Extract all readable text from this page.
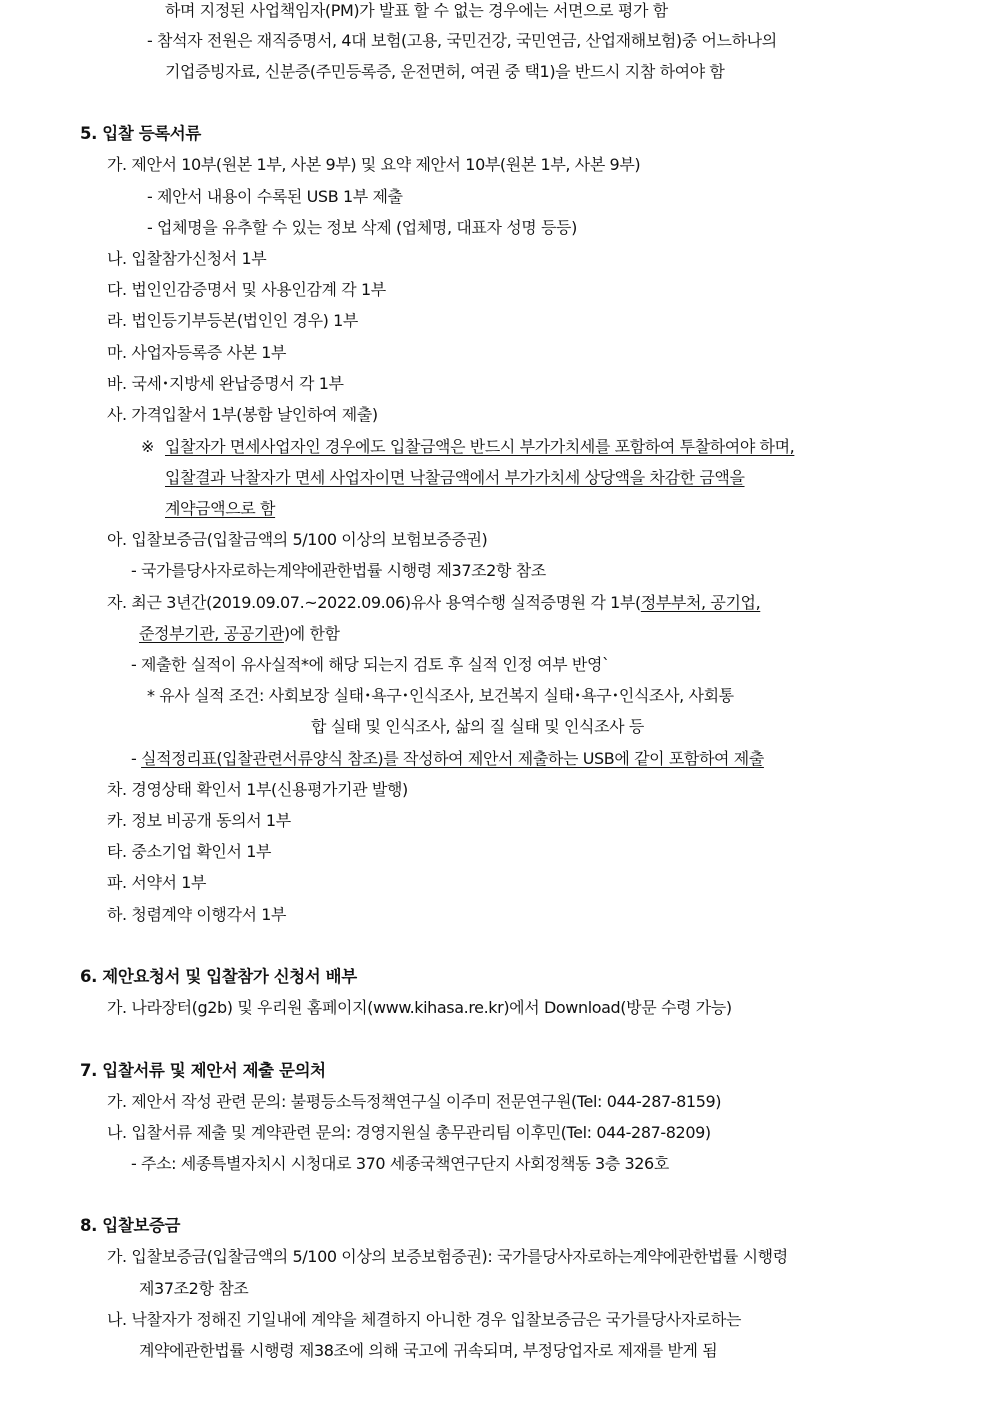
하며 지정된 사업책임자(PM)가 발표 할 수 없는 경우에는 서면으로 평가 함
- 참석자 전원은 재직증명서, 4대 보험(고용, 국민건강, 국민연금, 산업재해보험)중 어느하나의
기업증빙자료, 신분증(주민등록증, 운전면허, 여권 중 택1)을 반드시 지참 하여야 함
5. 입찰 등록서류
가. 제안서 10부(원본 1부, 사본 9부) 및 요약 제안서 10부(원본 1부, 사본 9부)
- 제안서 내용이 수록된 USB 1부 제출
- 업체명을 유추할 수 있는 정보 삭제 (업체명, 대표자 성명 등등)
나. 입찰참가신청서 1부
다. 법인인감증명서 및 사용인감계 각 1부
라. 법인등기부등본(법인인 경우) 1부
마. 사업자등록증 사본 1부
바. 국세･지방세 완납증명서 각 1부
사. 가격입찰서 1부(봉함 날인하여 제출)
※ 입찰자가 면세사업자인 경우에도 입찰금액은 반드시 부가가치세를 포함하여 투찰하여야 하며,
입찰결과 낙찰자가 면세 사업자이면 낙찰금액에서 부가가치세 상당액을 차감한 금액을
계약금액으로 함
아. 입찰보증금(입찰금액의 5/100 이상의 보험보증증권)
- 국가를당사자로하는계약에관한법률 시행령 제37조2항 참조
자. 최근 3년간(2019.09.07.~2022.09.06)유사 용역수행 실적증명원 각 1부(정부부처, 공기업,
준정부기관, 공공기관)에 한함
- 제출한 실적이 유사실적*에 해당 되는지 검토 후 실적 인정 여부 반영`
* 유사 실적 조건: 사회보장 실태･욕구･인식조사, 보건복지 실태･욕구･인식조사, 사회통
합 실태 및 인식조사, 삶의 질 실태 및 인식조사 등
- 실적정리표(입찰관련서류양식 참조)를 작성하여 제안서 제출하는 USB에 같이 포함하여 제출
차. 경영상태 확인서 1부(신용평가기관 발행)
카. 정보 비공개 동의서 1부
타. 중소기업 확인서 1부
파. 서약서 1부
하. 청렴계약 이행각서 1부
6. 제안요청서 및 입찰참가 신청서 배부
가. 나라장터(g2b) 및 우리원 홈페이지(www.kihasa.re.kr)에서 Download(방문 수령 가능)
7. 입찰서류 및 제안서 제출 문의처
가. 제안서 작성 관련 문의: 불평등소득정책연구실 이주미 전문연구원(Tel: 044-287-8159)
나. 입찰서류 제출 및 계약관련 문의: 경영지원실 총무관리팀 이후민(Tel: 044-287-8209)
- 주소: 세종특별자치시 시청대로 370 세종국책연구단지 사회정책동 3층 326호
8. 입찰보증금
가. 입찰보증금(입찰금액의 5/100 이상의 보증보험증권): 국가를당사자로하는계약에관한법률 시행령
제37조2항 참조
나. 낙찰자가 정해진 기일내에 계약을 체결하지 아니한 경우 입찰보증금은 국가를당사자로하는
계약에관한법률 시행령 제38조에 의해 국고에 귀속되며, 부정당업자로 제재를 받게 됨
